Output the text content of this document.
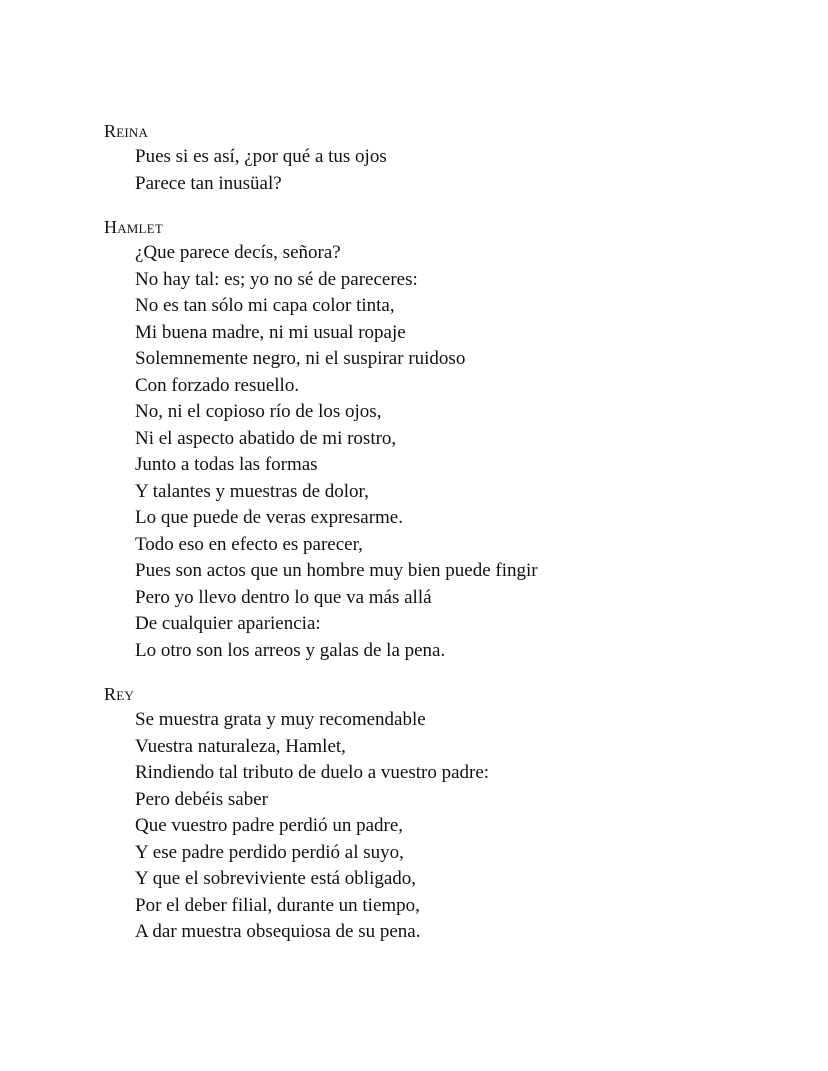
Reina
Pues si es así, ¿por qué a tus ojos
Parece tan inusüal?
Hamlet
¿Que parece decís, señora?
No hay tal: es; yo no sé de pareceres:
No es tan sólo mi capa color tinta,
Mi buena madre, ni mi usual ropaje
Solemnemente negro, ni el suspirar ruidoso
Con forzado resuello.
No, ni el copioso río de los ojos,
Ni el aspecto abatido de mi rostro,
Junto a todas las formas
Y talantes y muestras de dolor,
Lo que puede de veras expresarme.
Todo eso en efecto es parecer,
Pues son actos que un hombre muy bien puede fingir
Pero yo llevo dentro lo que va más allá
De cualquier apariencia:
Lo otro son los arreos y galas de la pena.
Rey
Se muestra grata y muy recomendable
Vuestra naturaleza, Hamlet,
Rindiendo tal tributo de duelo a vuestro padre:
Pero debéis saber
Que vuestro padre perdió un padre,
Y ese padre perdido perdió al suyo,
Y que el sobreviviente está obligado,
Por el deber filial, durante un tiempo,
A dar muestra obsequiosa de su pena.
